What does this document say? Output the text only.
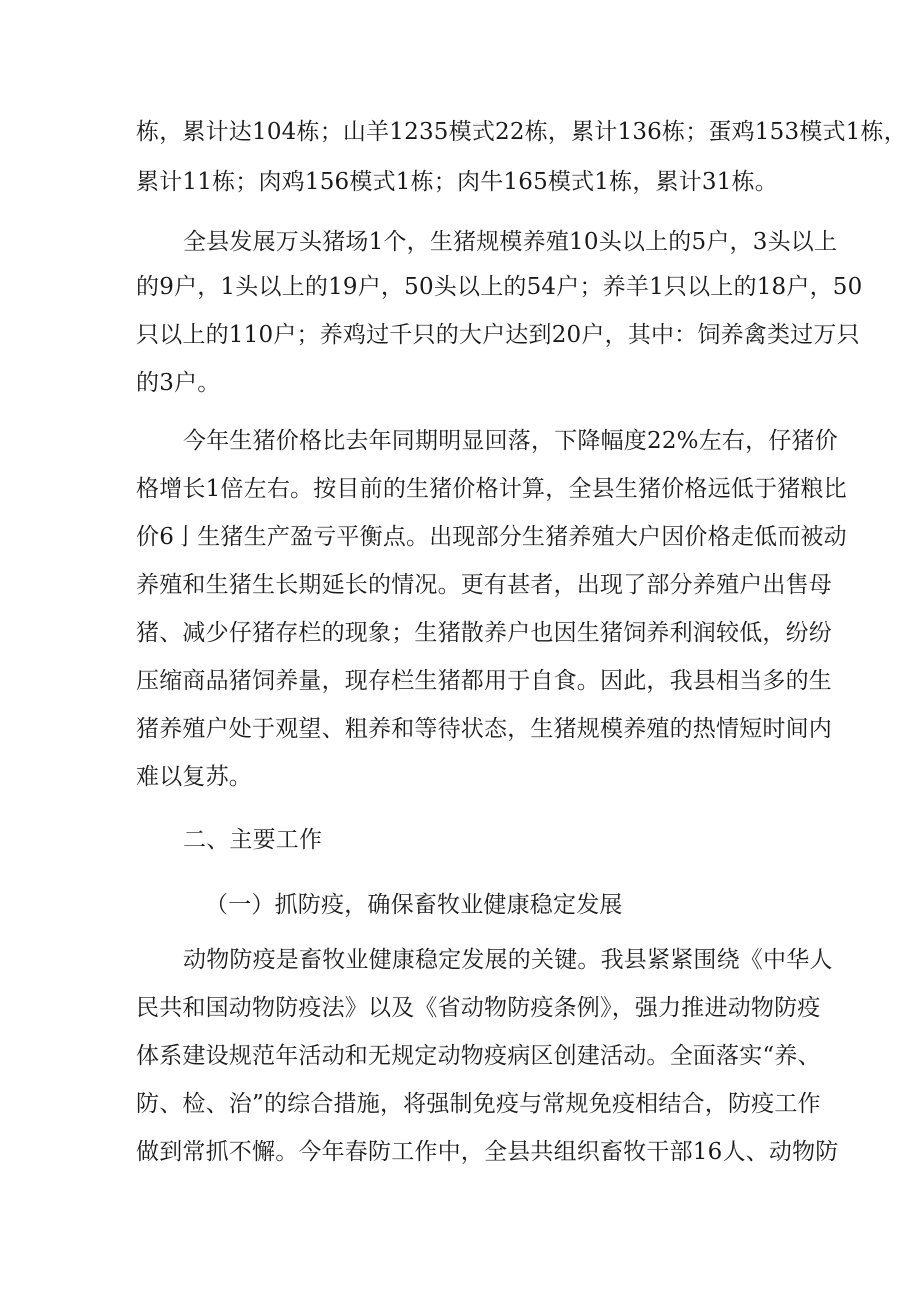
栋，累计达104栋；山羊1235模式22栋，累计136栋；蛋鸡153模式1栋，
累计11栋；肉鸡156模式1栋；肉牛165模式1栋，累计31栋。
全县发展万头猪场1个，生猪规模养殖10头以上的5户，3头以上
的9户，1头以上的19户，50头以上的54户；养羊1只以上的18户，50
只以上的110户；养鸡过千只的大户达到20户，其中：饲养禽类过万只
的3户。
今年生猪价格比去年同期明显回落，下降幅度22%左右，仔猪价
格增长1倍左右。按目前的生猪价格计算，全县生猪价格远低于猪粮比
价6亅生猪生产盈亏平衡点。出现部分生猪养殖大户因价格走低而被动
养殖和生猪生长期延长的情况。更有甚者，出现了部分养殖户出售母
猪、减少仔猪存栏的现象；生猪散养户也因生猪饲养利润较低，纷纷
压缩商品猪饲养量，现存栏生猪都用于自食。因此，我县相当多的生
猪养殖户处于观望、粗养和等待状态，生猪规模养殖的热情短时间内
难以复苏。
二、主要工作
（一）抓防疫，确保畜牧业健康稳定发展
动物防疫是畜牧业健康稳定发展的关键。我县紧紧围绕《中华人
民共和国动物防疫法》以及《省动物防疫条例》，强力推进动物防疫
体系建设规范年活动和无规定动物疫病区创建活动。全面落实“养、
防、检、治”的综合措施，将强制免疫与常规免疫相结合，防疫工作
做到常抓不懈。今年春防工作中，全县共组织畜牧干部16人、动物防
